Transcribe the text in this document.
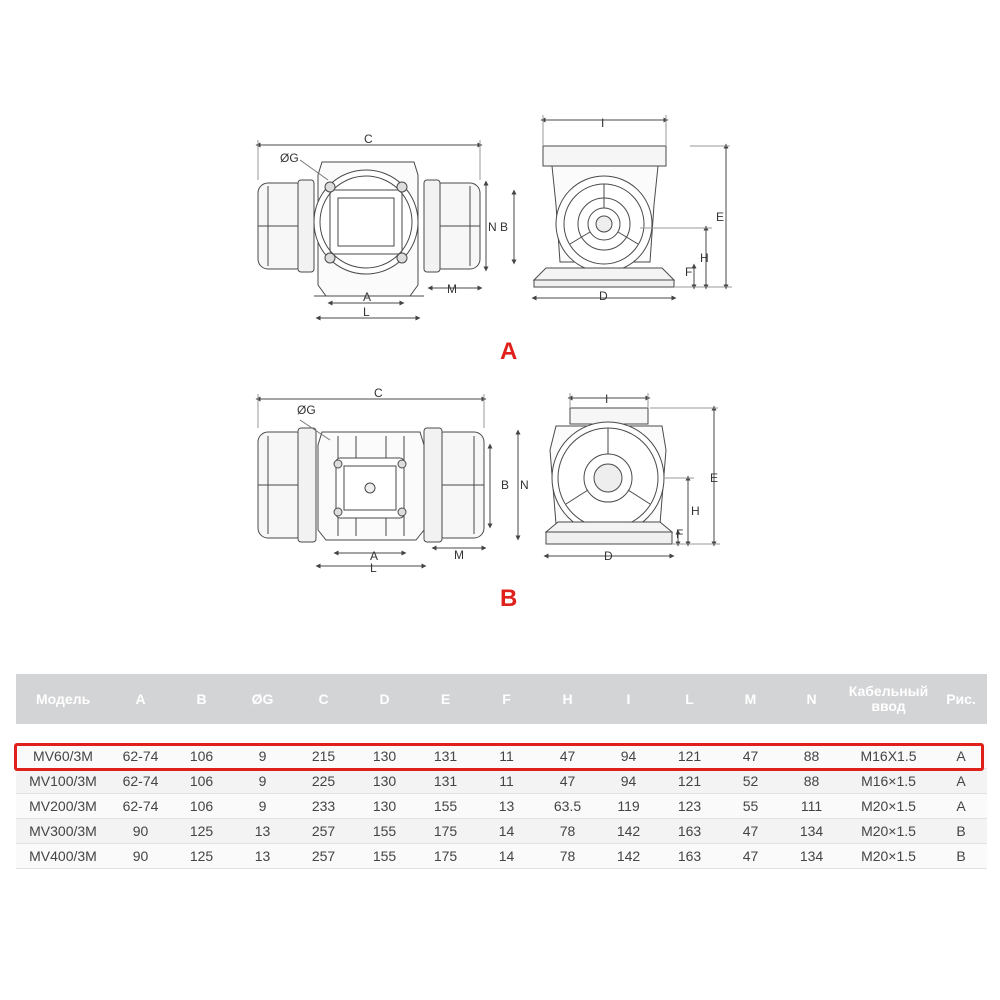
C
ØG
N B
A
L
M
I
E
H
F
D
C
ØG
B N
A
L
M
I
E
H
F
D
A
B
Модель	A	B	ØG	C	D	E	F	H	I	L	M	N	Кабельный ввод	Рис.

MV60/3M	62-74	106	9	215	130	131	11	47	94	121	47	88	M16X1.5	A
MV100/3M	62-74	106	9	225	130	131	11	47	94	121	52	88	M16×1.5	A
MV200/3M	62-74	106	9	233	130	155	13	63.5	119	123	55	111	M20×1.5	A
MV300/3M	90	125	13	257	155	175	14	78	142	163	47	134	M20×1.5	B
MV400/3M	90	125	13	257	155	175	14	78	142	163	47	134	M20×1.5	B
